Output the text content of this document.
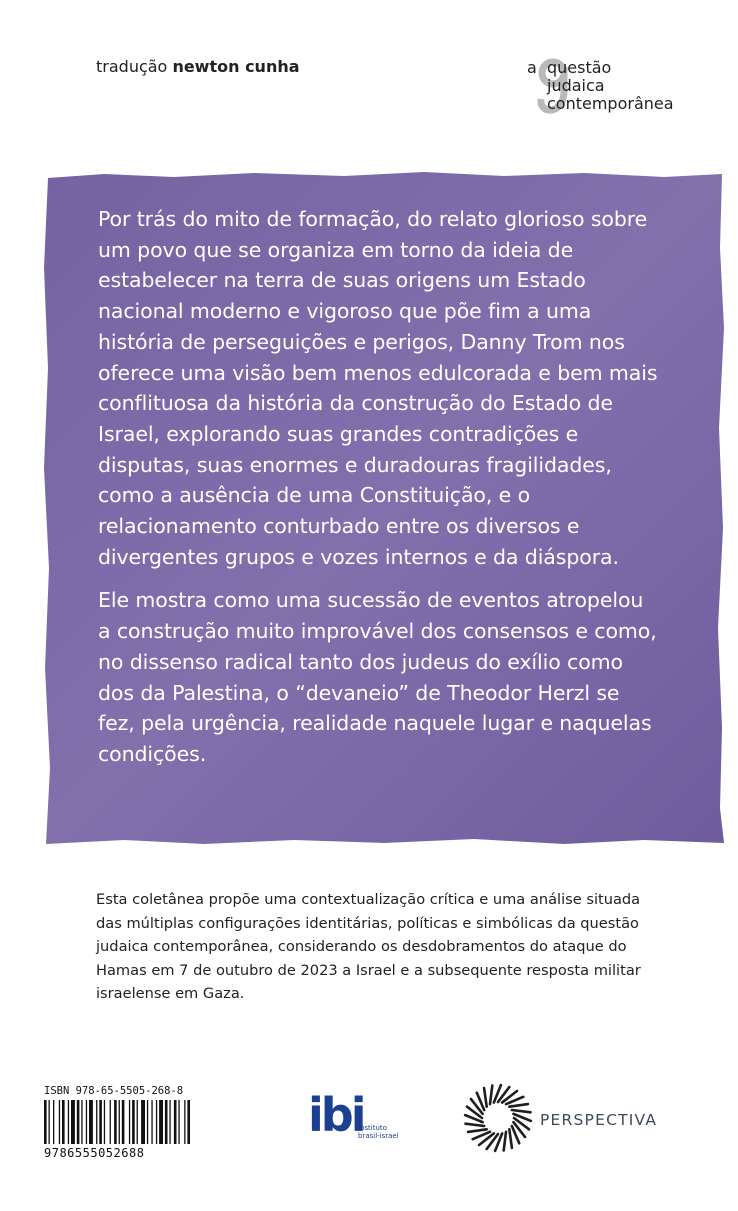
tradução newton cunha	a questão
judaica
contemporânea

Por trás do mito de formação, do relato glorioso sobre um povo que se organiza em torno da ideia de estabelecer na terra de suas origens um Estado nacional moderno e vigoroso que põe fim a uma história de perseguições e perigos, Danny Trom nos oferece uma visão bem menos edulcorada e bem mais conflituosa da história da construção do Estado de Israel, explorando suas grandes contradições e disputas, suas enormes e duradouras fragilidades, como a ausência de uma Constituição, e o relacionamento conturbado entre os diversos e divergentes grupos e vozes internos e da diáspora.

Ele mostra como uma sucessão de eventos atropelou a construção muito improvável dos consensos e como, no dissenso radical tanto dos judeus do exílio como dos da Palestina, o “devaneio” de Theodor Herzl se fez, pela urgência, realidade naquele lugar e naquelas condições.

Esta coletânea propõe uma contextualização crítica e uma análise situada das múltiplas configurações identitárias, políticas e simbólicas da questão judaica contemporânea, considerando os desdobramentos do ataque do Hamas em 7 de outubro de 2023 a Israel e a subsequente resposta militar israelense em Gaza.
ISBN 978-65-5505-268-8
9786555052688
ibi
instituto brasil-israel
PERSPECTIVA
